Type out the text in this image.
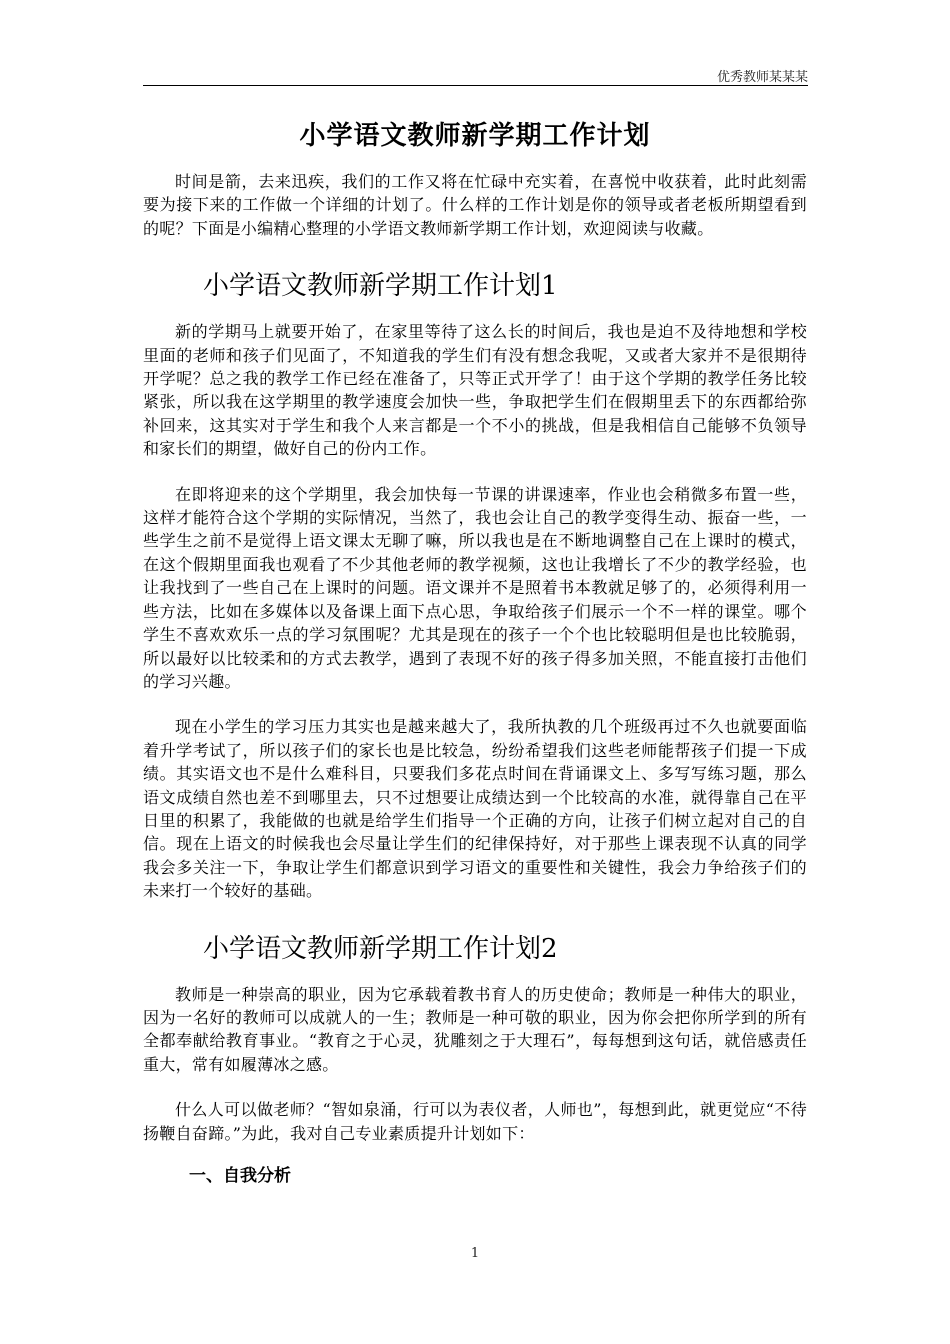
优秀教师某某某
小学语文教师新学期工作计划

时间是箭，去来迅疾，我们的工作又将在忙碌中充实着，在喜悦中收获着，此时此刻需要为接下来的工作做一个详细的计划了。什么样的工作计划是你的领导或者老板所期望看到的呢？下面是小编精心整理的小学语文教师新学期工作计划，欢迎阅读与收藏。

小学语文教师新学期工作计划1

新的学期马上就要开始了，在家里等待了这么长的时间后，我也是迫不及待地想和学校里面的老师和孩子们见面了，不知道我的学生们有没有想念我呢，又或者大家并不是很期待开学呢？总之我的教学工作已经在准备了，只等正式开学了！由于这个学期的教学任务比较紧张，所以我在这学期里的教学速度会加快一些，争取把学生们在假期里丢下的东西都给弥补回来，这其实对于学生和我个人来言都是一个不小的挑战，但是我相信自己能够不负领导和家长们的期望，做好自己的份内工作。

在即将迎来的这个学期里，我会加快每一节课的讲课速率，作业也会稍微多布置一些，这样才能符合这个学期的实际情况，当然了，我也会让自己的教学变得生动、振奋一些，一些学生之前不是觉得上语文课太无聊了嘛，所以我也是在不断地调整自己在上课时的模式，在这个假期里面我也观看了不少其他老师的教学视频，这也让我增长了不少的教学经验，也让我找到了一些自己在上课时的问题。语文课并不是照着书本教就足够了的，必须得利用一些方法，比如在多媒体以及备课上面下点心思，争取给孩子们展示一个不一样的课堂。哪个学生不喜欢欢乐一点的学习氛围呢？尤其是现在的孩子一个个也比较聪明但是也比较脆弱，所以最好以比较柔和的方式去教学，遇到了表现不好的孩子得多加关照，不能直接打击他们的学习兴趣。

现在小学生的学习压力其实也是越来越大了，我所执教的几个班级再过不久也就要面临着升学考试了，所以孩子们的家长也是比较急，纷纷希望我们这些老师能帮孩子们提一下成绩。其实语文也不是什么难科目，只要我们多花点时间在背诵课文上、多写写练习题，那么语文成绩自然也差不到哪里去，只不过想要让成绩达到一个比较高的水准，就得靠自己在平日里的积累了，我能做的也就是给学生们指导一个正确的方向，让孩子们树立起对自己的自信。现在上语文的时候我也会尽量让学生们的纪律保持好，对于那些上课表现不认真的同学我会多关注一下，争取让学生们都意识到学习语文的重要性和关键性，我会力争给孩子们的未来打一个较好的基础。

小学语文教师新学期工作计划2

教师是一种崇高的职业，因为它承载着教书育人的历史使命；教师是一种伟大的职业，因为一名好的教师可以成就人的一生；教师是一种可敬的职业，因为你会把你所学到的所有全都奉献给教育事业。“教育之于心灵，犹雕刻之于大理石”，每每想到这句话，就倍感责任重大，常有如履薄冰之感。

什么人可以做老师？“智如泉涌，行可以为表仪者，人师也”，每想到此，就更觉应“不待扬鞭自奋蹄。”为此，我对自己专业素质提升计划如下：

一、自我分析
1
